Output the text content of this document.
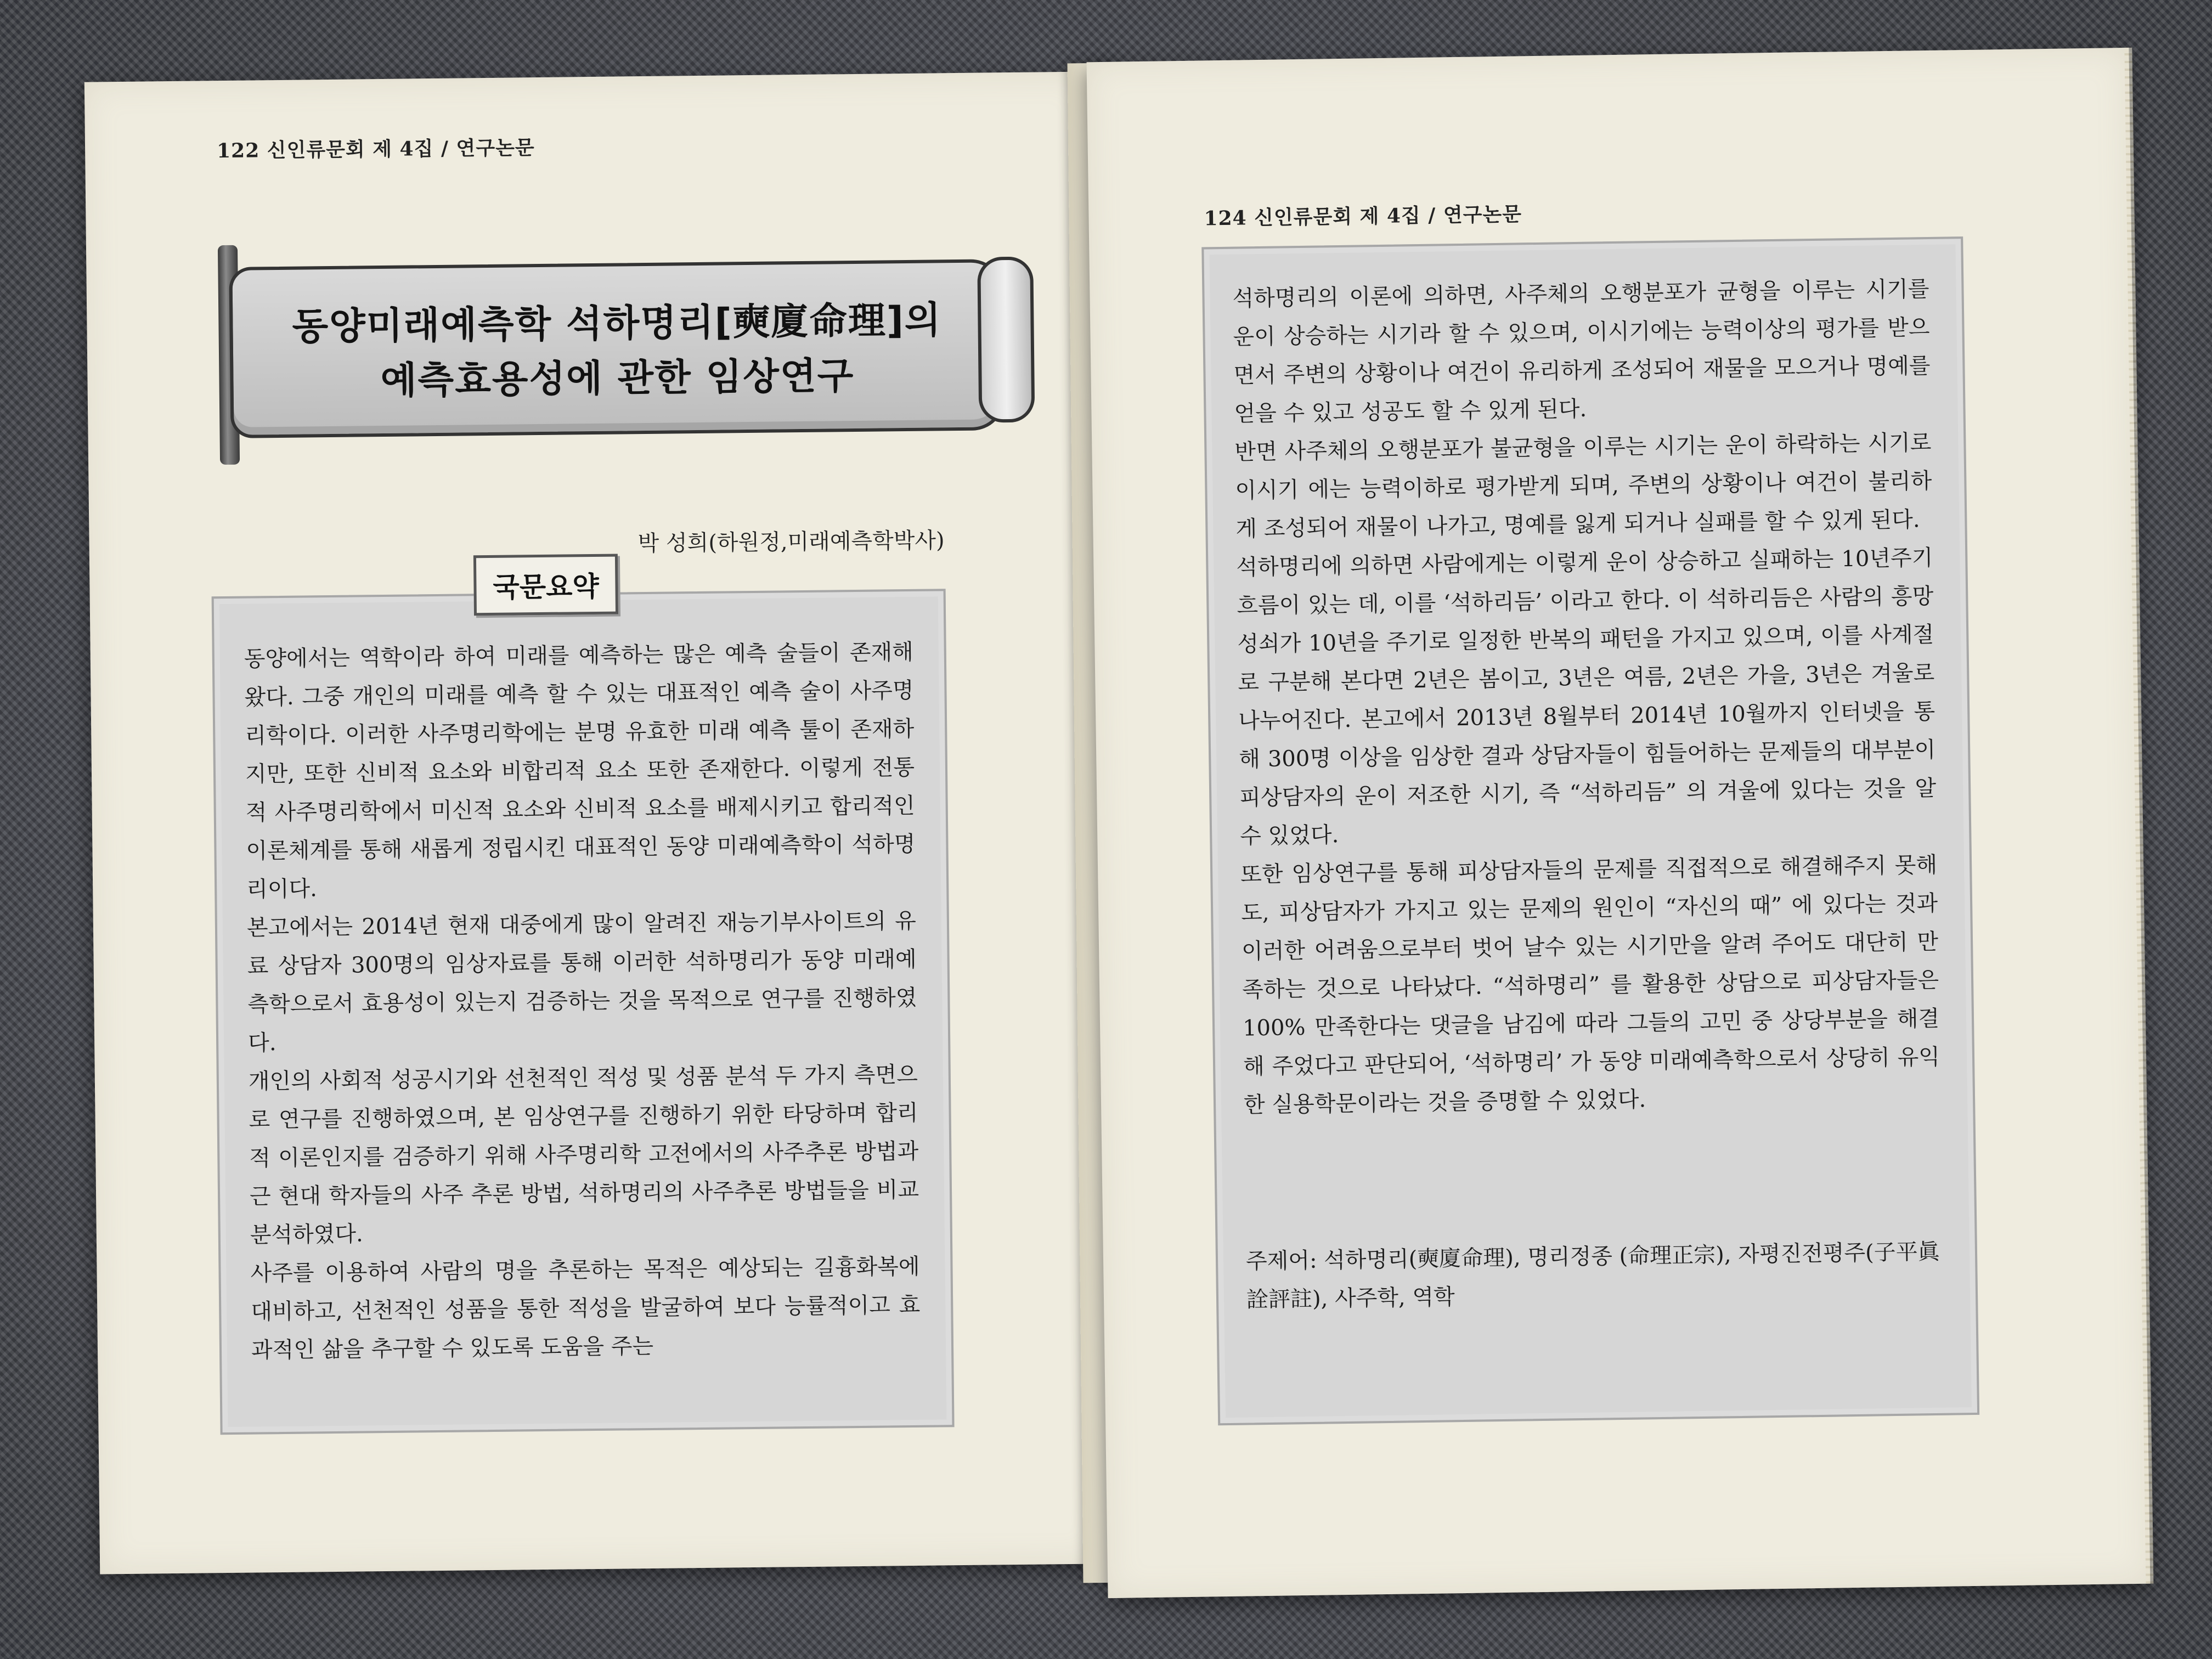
122 신인류문회 제 4집 / 연구논문
동양미래예측학 석하명리[奭廈命理]의
예측효용성에 관한 임상연구
박 성희(하원정,미래예측학박사)
국문요약

동양에서는 역학이라 하여 미래를 예측하는 많은 예측 술들이 존재해 왔다. 그중 개인의 미래를 예측 할 수 있는 대표적인 예측 술이 사주명리학이다. 이러한 사주명리학에는 분명 유효한 미래 예측 툴이 존재하지만, 또한 신비적 요소와 비합리적 요소 또한 존재한다. 이렇게 전통적 사주명리학에서 미신적 요소와 신비적 요소를 배제시키고 합리적인 이론체계를 통해 새롭게 정립시킨 대표적인 동양 미래예측학이 석하명리이다.

본고에서는 2014년 현재 대중에게 많이 알려진 재능기부사이트의 유료 상담자 300명의 임상자료를 통해 이러한 석하명리가 동양 미래예측학으로서 효용성이 있는지 검증하는 것을 목적으로 연구를 진행하였다.

개인의 사회적 성공시기와 선천적인 적성 및 성품 분석 두 가지 측면으로 연구를 진행하였으며, 본 임상연구를 진행하기 위한 타당하며 합리적 이론인지를 검증하기 위해 사주명리학 고전에서의 사주추론 방법과 근 현대 학자들의 사주 추론 방법, 석하명리의 사주추론 방법들을 비교 분석하였다.

사주를 이용하여 사람의 명을 추론하는 목적은 예상되는 길흉화복에 대비하고, 선천적인 성품을 통한 적성을 발굴하여 보다 능률적이고 효과적인 삶을 추구할 수 있도록 도움을 주는

124 신인류문회 제 4집 / 연구논문

석하명리의 이론에 의하면, 사주체의 오행분포가 균형을 이루는 시기를 운이 상승하는 시기라 할 수 있으며, 이시기에는 능력이상의 평가를 받으면서 주변의 상황이나 여건이 유리하게 조성되어 재물을 모으거나 명예를 얻을 수 있고 성공도 할 수 있게 된다.

반면 사주체의 오행분포가 불균형을 이루는 시기는 운이 하락하는 시기로 이시기 에는 능력이하로 평가받게 되며, 주변의 상황이나 여건이 불리하게 조성되어 재물이 나가고, 명예를 잃게 되거나 실패를 할 수 있게 된다.

석하명리에 의하면 사람에게는 이렇게 운이 상승하고 실패하는 10년주기 흐름이 있는 데, 이를 ‘석하리듬’ 이라고 한다. 이 석하리듬은 사람의 흥망성쇠가 10년을 주기로 일정한 반복의 패턴을 가지고 있으며, 이를 사계절로 구분해 본다면 2년은 봄이고, 3년은 여름, 2년은 가을, 3년은 겨울로 나누어진다. 본고에서 2013년 8월부터 2014년 10월까지 인터넷을 통해 300명 이상을 임상한 결과 상담자들이 힘들어하는 문제들의 대부분이 피상담자의 운이 저조한 시기, 즉 “석하리듬” 의 겨울에 있다는 것을 알 수 있었다.

또한 임상연구를 통해 피상담자들의 문제를 직접적으로 해결해주지 못해도, 피상담자가 가지고 있는 문제의 원인이 “자신의 때” 에 있다는 것과 이러한 어려움으로부터 벗어 날수 있는 시기만을 알려 주어도 대단히 만족하는 것으로 나타났다. “석하명리” 를 활용한 상담으로 피상담자들은 100% 만족한다는 댓글을 남김에 따라 그들의 고민 중 상당부분을 해결해 주었다고 판단되어, ‘석하명리’ 가 동양 미래예측학으로서 상당히 유익한 실용학문이라는 것을 증명할 수 있었다.

주제어: 석하명리(奭廈命理), 명리정종 (命理正宗), 자평진전평주(子平眞詮評註), 사주학, 역학
